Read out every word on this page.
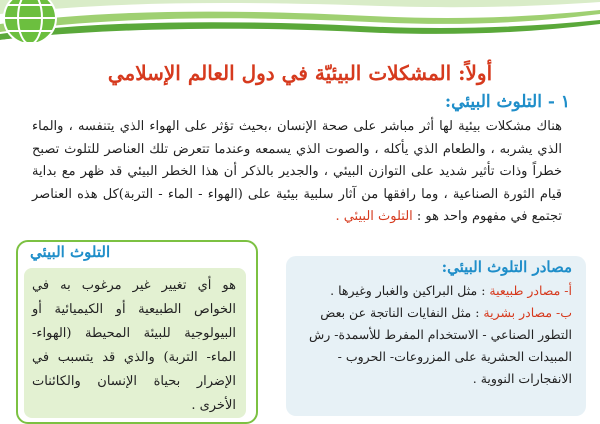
أولاً: المشكلات البيئيّة في دول العالم الإسلامي
١ - التلوث البيئي:
هناك مشكلات بيئية لها أثر مباشر على صحة الإنسان ،بحيث تؤثر على الهواء الذي يتنفسه ، والماء الذي يشربه ، والطعام الذي يأكله ، والصوت الذي يسمعه وعندما تتعرض تلك العناصر للتلوث تصبح خطراً وذات تأثير شديد على التوازن البيئي ، والجدير بالذكر أن هذا الخطر البيئي قد ظهر مع بداية قيام الثورة الصناعية ، وما رافقها من آثار سلبية بيئية على (الهواء - الماء - التربة)كل هذه العناصر تجتمع في مفهوم واحد هو : التلوث البيئي .
مصادر التلوث البيئي:
أ- مصادر طبيعية : مثل البراكين والغبار وغيرها .
ب- مصادر بشرية : مثل النفايات الناتجة عن بعض التطور الصناعي - الاستخدام المفرط للأسمدة- رش المبيدات الحشرية على المزروعات- الحروب - الانفجارات النووية .
التلوث البيئي
هو أي تغيير غير مرغوب به في الخواص الطبيعية أو الكيميائية أو البيولوجية للبيئة المحيطة (الهواء- الماء- التربة) والذي قد يتسبب في الإضرار بحياة الإنسان والكائنات الأخرى .
